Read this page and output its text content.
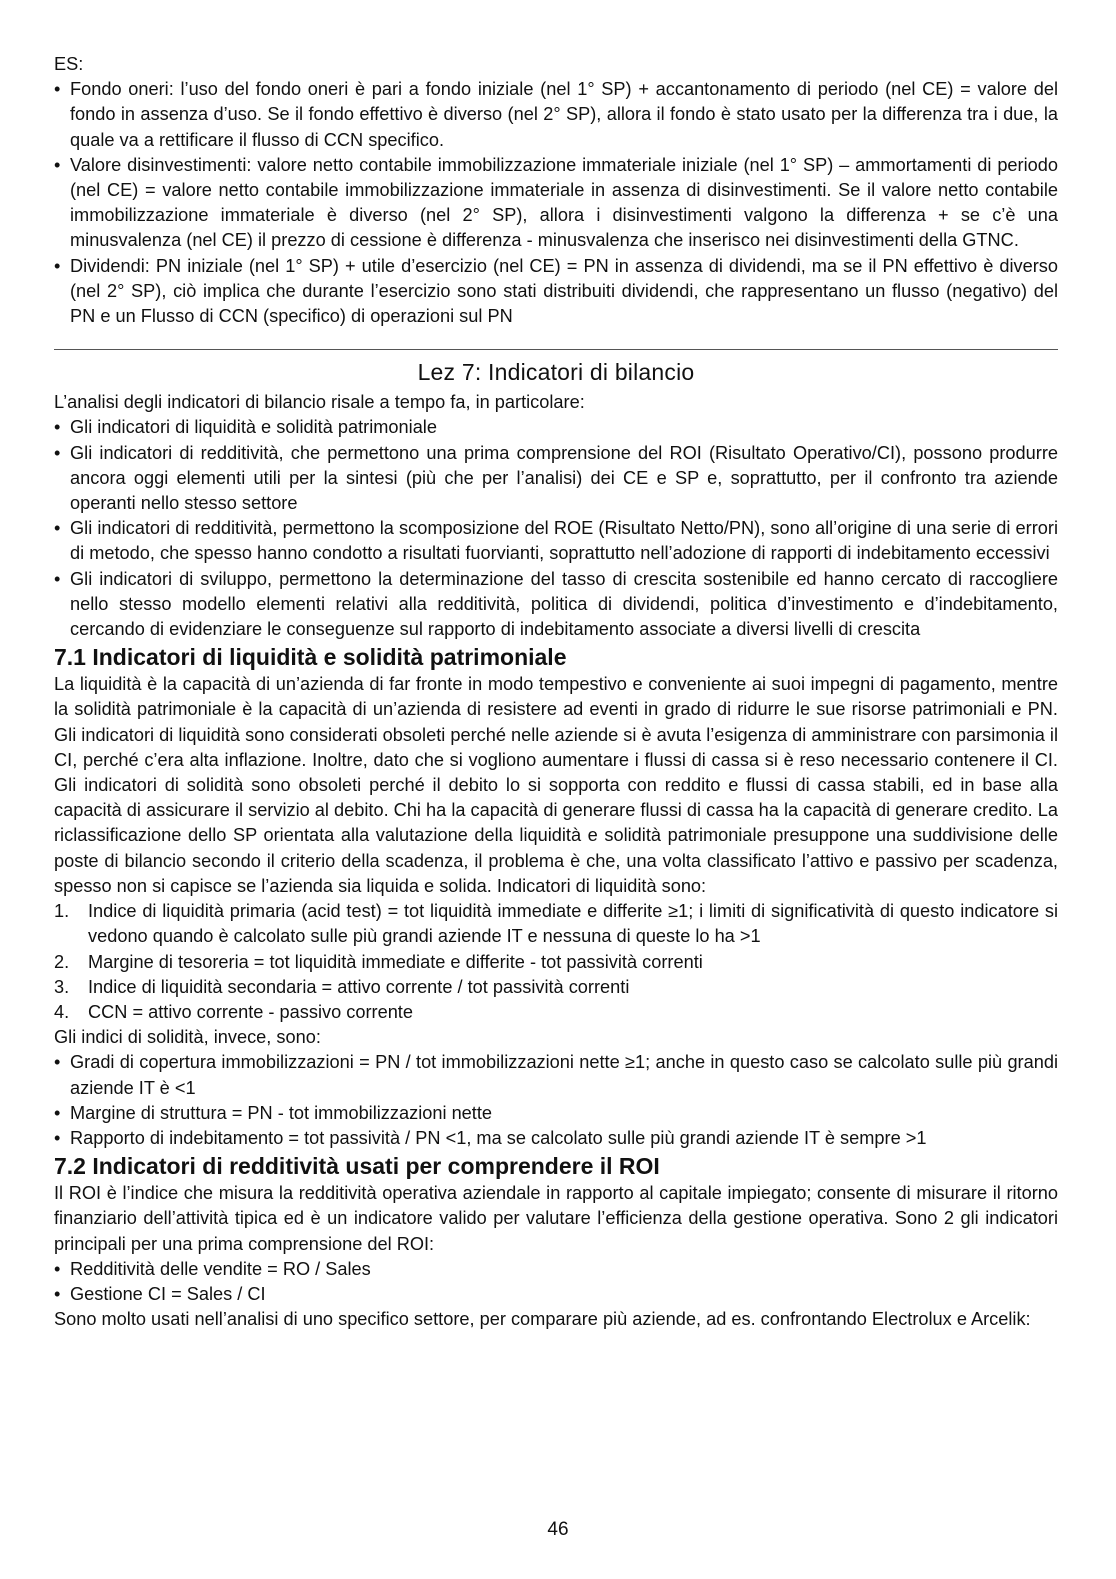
ES:

• Fondo oneri: l’uso del fondo oneri è pari a fondo iniziale (nel 1° SP) + accantonamento di periodo (nel CE) = valore del fondo in assenza d’uso. Se il fondo effettivo è diverso (nel 2° SP), allora il fondo è stato usato per la differenza tra i due, la quale va a rettificare il flusso di CCN specifico.
• Valore disinvestimenti: valore netto contabile immobilizzazione immateriale iniziale (nel 1° SP) – ammortamenti di periodo (nel CE) = valore netto contabile immobilizzazione immateriale in assenza di disinvestimenti. Se il valore netto contabile immobilizzazione immateriale è diverso (nel 2° SP), allora i disinvestimenti valgono la differenza + se c’è una minusvalenza (nel CE) il prezzo di cessione è differenza - minusvalenza che inserisco nei disinvestimenti della GTNC.
• Dividendi: PN iniziale (nel 1° SP) + utile d’esercizio (nel CE) = PN in assenza di dividendi, ma se il PN effettivo è diverso (nel 2° SP), ciò implica che durante l’esercizio sono stati distribuiti dividendi, che rappresentano un flusso (negativo) del PN e un Flusso di CCN (specifico) di operazioni sul PN
Lez 7: Indicatori di bilancio

L’analisi degli indicatori di bilancio risale a tempo fa, in particolare:

• Gli indicatori di liquidità e solidità patrimoniale
• Gli indicatori di redditività, che permettono una prima comprensione del ROI (Risultato Operativo/CI), possono produrre ancora oggi elementi utili per la sintesi (più che per l’analisi) dei CE e SP e, soprattutto, per il confronto tra aziende operanti nello stesso settore
• Gli indicatori di redditività, permettono la scomposizione del ROE (Risultato Netto/PN), sono all’origine di una serie di errori di metodo, che spesso hanno condotto a risultati fuorvianti, soprattutto nell’adozione di rapporti di indebitamento eccessivi
• Gli indicatori di sviluppo, permettono la determinazione del tasso di crescita sostenibile ed hanno cercato di raccogliere nello stesso modello elementi relativi alla redditività, politica di dividendi, politica d’investimento e d’indebitamento, cercando di evidenziare le conseguenze sul rapporto di indebitamento associate a diversi livelli di crescita
7.1 Indicatori di liquidità e solidità patrimoniale

La liquidità è la capacità di un’azienda di far fronte in modo tempestivo e conveniente ai suoi impegni di pagamento, mentre la solidità patrimoniale è la capacità di un’azienda di resistere ad eventi in grado di ridurre le sue risorse patrimoniali e PN. Gli indicatori di liquidità sono considerati obsoleti perché nelle aziende si è avuta l’esigenza di amministrare con parsimonia il CI, perché c’era alta inflazione. Inoltre, dato che si vogliono aumentare i flussi di cassa si è reso necessario contenere il CI. Gli indicatori di solidità sono obsoleti perché il debito lo si sopporta con reddito e flussi di cassa stabili, ed in base alla capacità di assicurare il servizio al debito. Chi ha la capacità di generare flussi di cassa ha la capacità di generare credito. La riclassificazione dello SP orientata alla valutazione della liquidità e solidità patrimoniale presuppone una suddivisione delle poste di bilancio secondo il criterio della scadenza, il problema è che, una volta classificato l’attivo e passivo per scadenza, spesso non si capisce se l’azienda sia liquida e solida. Indicatori di liquidità sono:

1. Indice di liquidità primaria (acid test) = tot liquidità immediate e differite ≥1; i limiti di significatività di questo indicatore si vedono quando è calcolato sulle più grandi aziende IT e nessuna di queste lo ha >1
2. Margine di tesoreria = tot liquidità immediate e differite - tot passività correnti
3. Indice di liquidità secondaria = attivo corrente / tot passività correnti
4. CCN = attivo corrente - passivo corrente

Gli indici di solidità, invece, sono:

• Gradi di copertura immobilizzazioni = PN / tot immobilizzazioni nette ≥1; anche in questo caso se calcolato sulle più grandi aziende IT è <1
• Margine di struttura = PN - tot immobilizzazioni nette
• Rapporto di indebitamento = tot passività / PN <1, ma se calcolato sulle più grandi aziende IT è sempre >1
7.2 Indicatori di redditività usati per comprendere il ROI

Il ROI è l’indice che misura la redditività operativa aziendale in rapporto al capitale impiegato; consente di misurare il ritorno finanziario dell’attività tipica ed è un indicatore valido per valutare l’efficienza della gestione operativa. Sono 2 gli indicatori principali per una prima comprensione del ROI:

• Redditività delle vendite = RO / Sales
• Gestione CI = Sales / CI

Sono molto usati nell’analisi di uno specifico settore, per comparare più aziende, ad es. confrontando Electrolux e Arcelik:

46
